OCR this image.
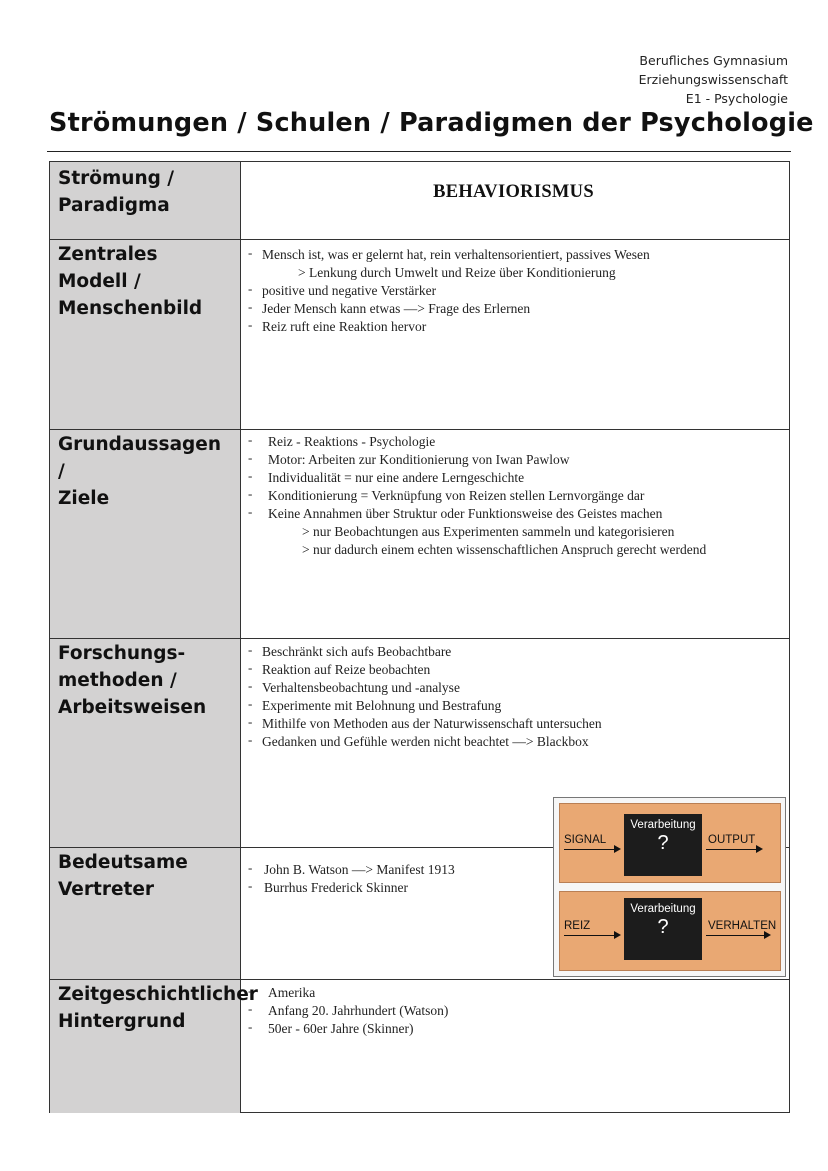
Berufliches Gymnasium
Erziehungswissenschaft
E1 - Psychologie
Strömungen / Schulen / Paradigmen der Psychologie
Strömung /
Paradigma
BEHAVIORISMUS
Zentrales Modell /
Menschenbild
- Mensch ist, was er gelernt hat, rein verhaltensorientiert, passives Wesen
> Lenkung durch Umwelt und Reize über Konditionierung
- positive und negative Verstärker
- Jeder Mensch kann etwas —> Frage des Erlernen
- Reiz ruft eine Reaktion hervor
Grundaussagen /
Ziele
- Reiz - Reaktions - Psychologie
- Motor: Arbeiten zur Konditionierung von Iwan Pawlow
- Individualität = nur eine andere Lerngeschichte
- Konditionierung = Verknüpfung von Reizen stellen Lernvorgänge dar
- Keine Annahmen über Struktur oder Funktionsweise des Geistes machen
> nur Beobachtungen aus Experimenten sammeln und kategorisieren
> nur dadurch einem echten wissenschaftlichen Anspruch gerecht werdend
Forschungs-
methoden /
Arbeitsweisen
- Beschränkt sich aufs Beobachtbare
- Reaktion auf Reize beobachten
- Verhaltensbeobachtung und -analyse
- Experimente mit Belohnung und Bestrafung
- Mithilfe von Methoden aus der Naturwissenschaft untersuchen
- Gedanken und Gefühle werden nicht beachtet —> Blackbox
Bedeutsame
Vertreter
- John B. Watson —> Manifest 1913
- Burrhus Frederick Skinner
Zeitgeschichtlicher
Hintergrund
- Amerika
- Anfang 20. Jahrhundert (Watson)
- 50er - 60er Jahre (Skinner)
SIGNAL
Verarbeitung
?	OUTPUT
REIZ
Verarbeitung
?	VERHALTEN
